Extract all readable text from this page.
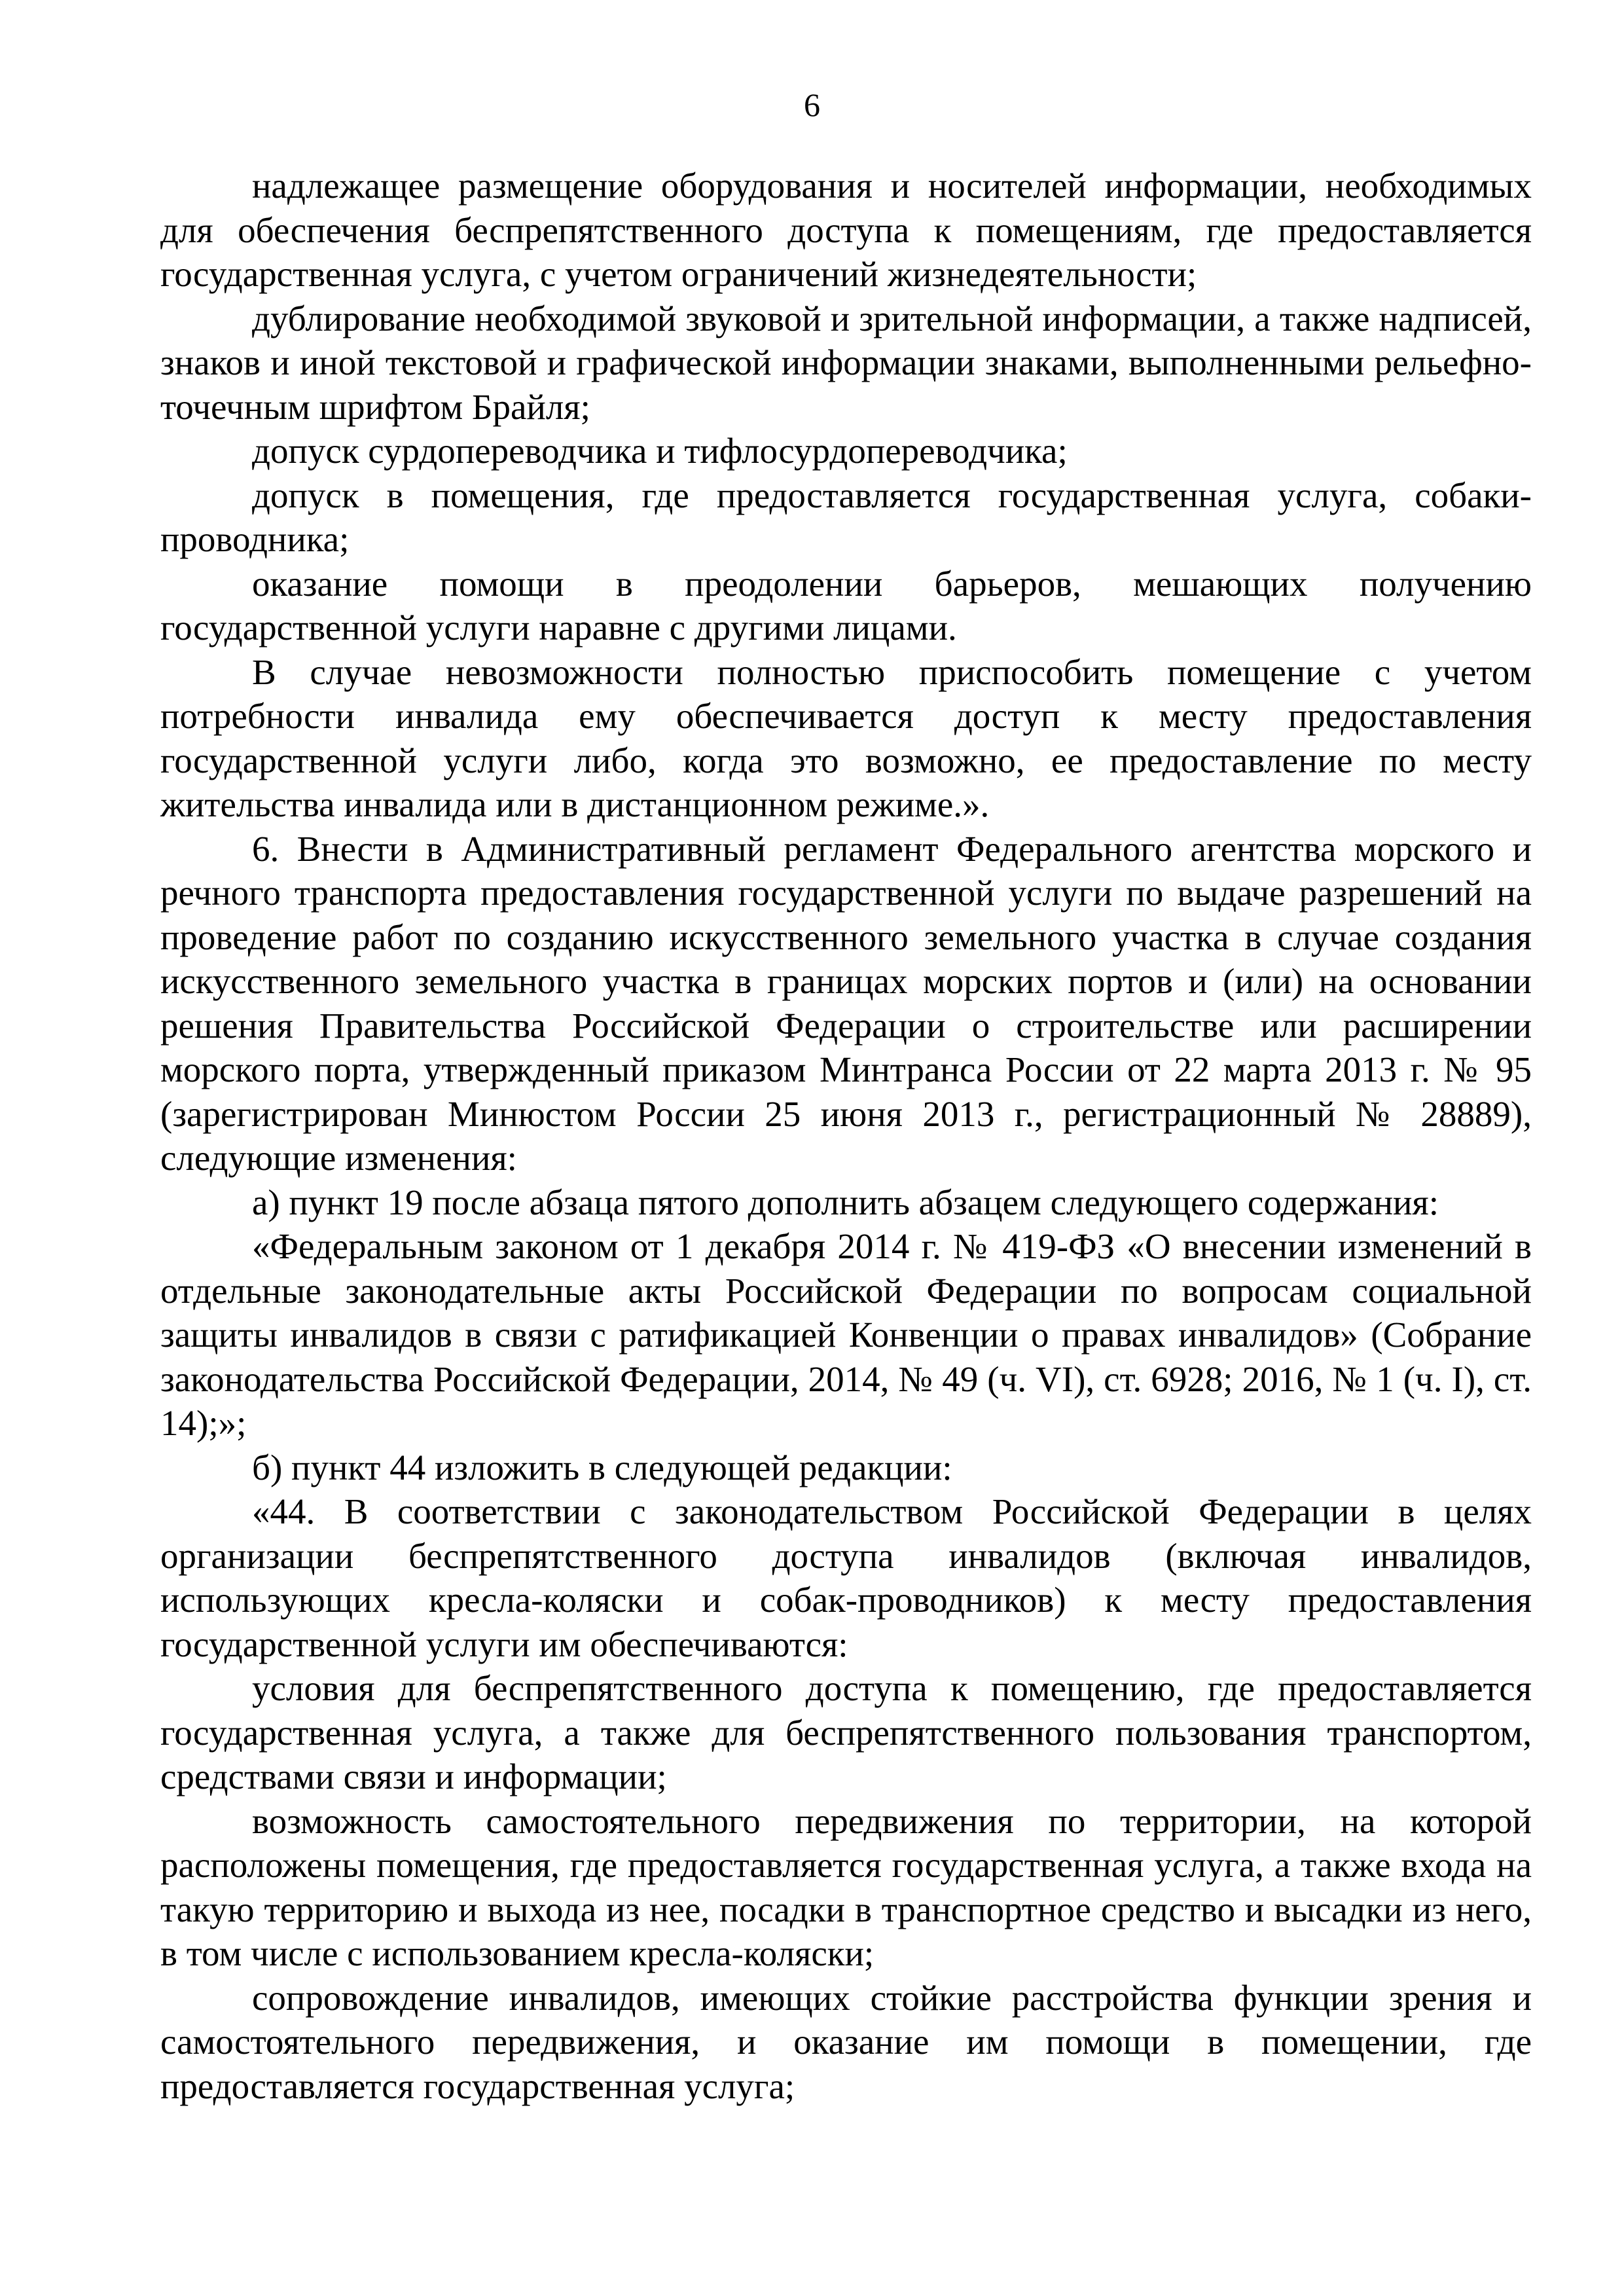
6

надлежащее размещение оборудования и носителей информации, необходимых для обеспечения беспрепятственного доступа к помещениям, где предоставляется государственная услуга, с учетом ограничений жизнедеятельности;

дублирование необходимой звуковой и зрительной информации, а также надписей, знаков и иной текстовой и графической информации знаками, выполненными рельефно-точечным шрифтом Брайля;

допуск сурдопереводчика и тифлосурдопереводчика;

допуск в помещения, где предоставляется государственная услуга, собаки-проводника;

оказание помощи в преодолении барьеров, мешающих получению государственной услуги наравне с другими лицами.

В случае невозможности полностью приспособить помещение с учетом потребности инвалида ему обеспечивается доступ к месту предоставления государственной услуги либо, когда это возможно, ее предоставление по месту жительства инвалида или в дистанционном режиме.».

6. Внести в Административный регламент Федерального агентства морского и речного транспорта предоставления государственной услуги по выдаче разрешений на проведение работ по созданию искусственного земельного участка в случае создания искусственного земельного участка в границах морских портов и (или) на основании решения Правительства Российской Федерации о строительстве или расширении морского порта, утвержденный приказом Минтранса России от 22 марта 2013 г. № 95 (зарегистрирован Минюстом России 25 июня 2013 г., регистрационный № 28889), следующие изменения:

а) пункт 19 после абзаца пятого дополнить абзацем следующего содержания:

«Федеральным законом от 1 декабря 2014 г. № 419-ФЗ «О внесении изменений в отдельные законодательные акты Российской Федерации по вопросам социальной защиты инвалидов в связи с ратификацией Конвенции о правах инвалидов» (Собрание законодательства Российской Федерации, 2014, № 49 (ч. VI), ст. 6928; 2016, № 1 (ч. I), ст. 14);»;

б) пункт 44 изложить в следующей редакции:

«44. В соответствии с законодательством Российской Федерации в целях организации беспрепятственного доступа инвалидов (включая инвалидов, использующих кресла-коляски и собак-проводников) к месту предоставления государственной услуги им обеспечиваются:

условия для беспрепятственного доступа к помещению, где предоставляется государственная услуга, а также для беспрепятственного пользования транспортом, средствами связи и информации;

возможность самостоятельного передвижения по территории, на которой расположены помещения, где предоставляется государственная услуга, а также входа на такую территорию и выхода из нее, посадки в транспортное средство и высадки из него, в том числе с использованием кресла-коляски;

сопровождение инвалидов, имеющих стойкие расстройства функции зрения и самостоятельного передвижения, и оказание им помощи в помещении, где предоставляется государственная услуга;
